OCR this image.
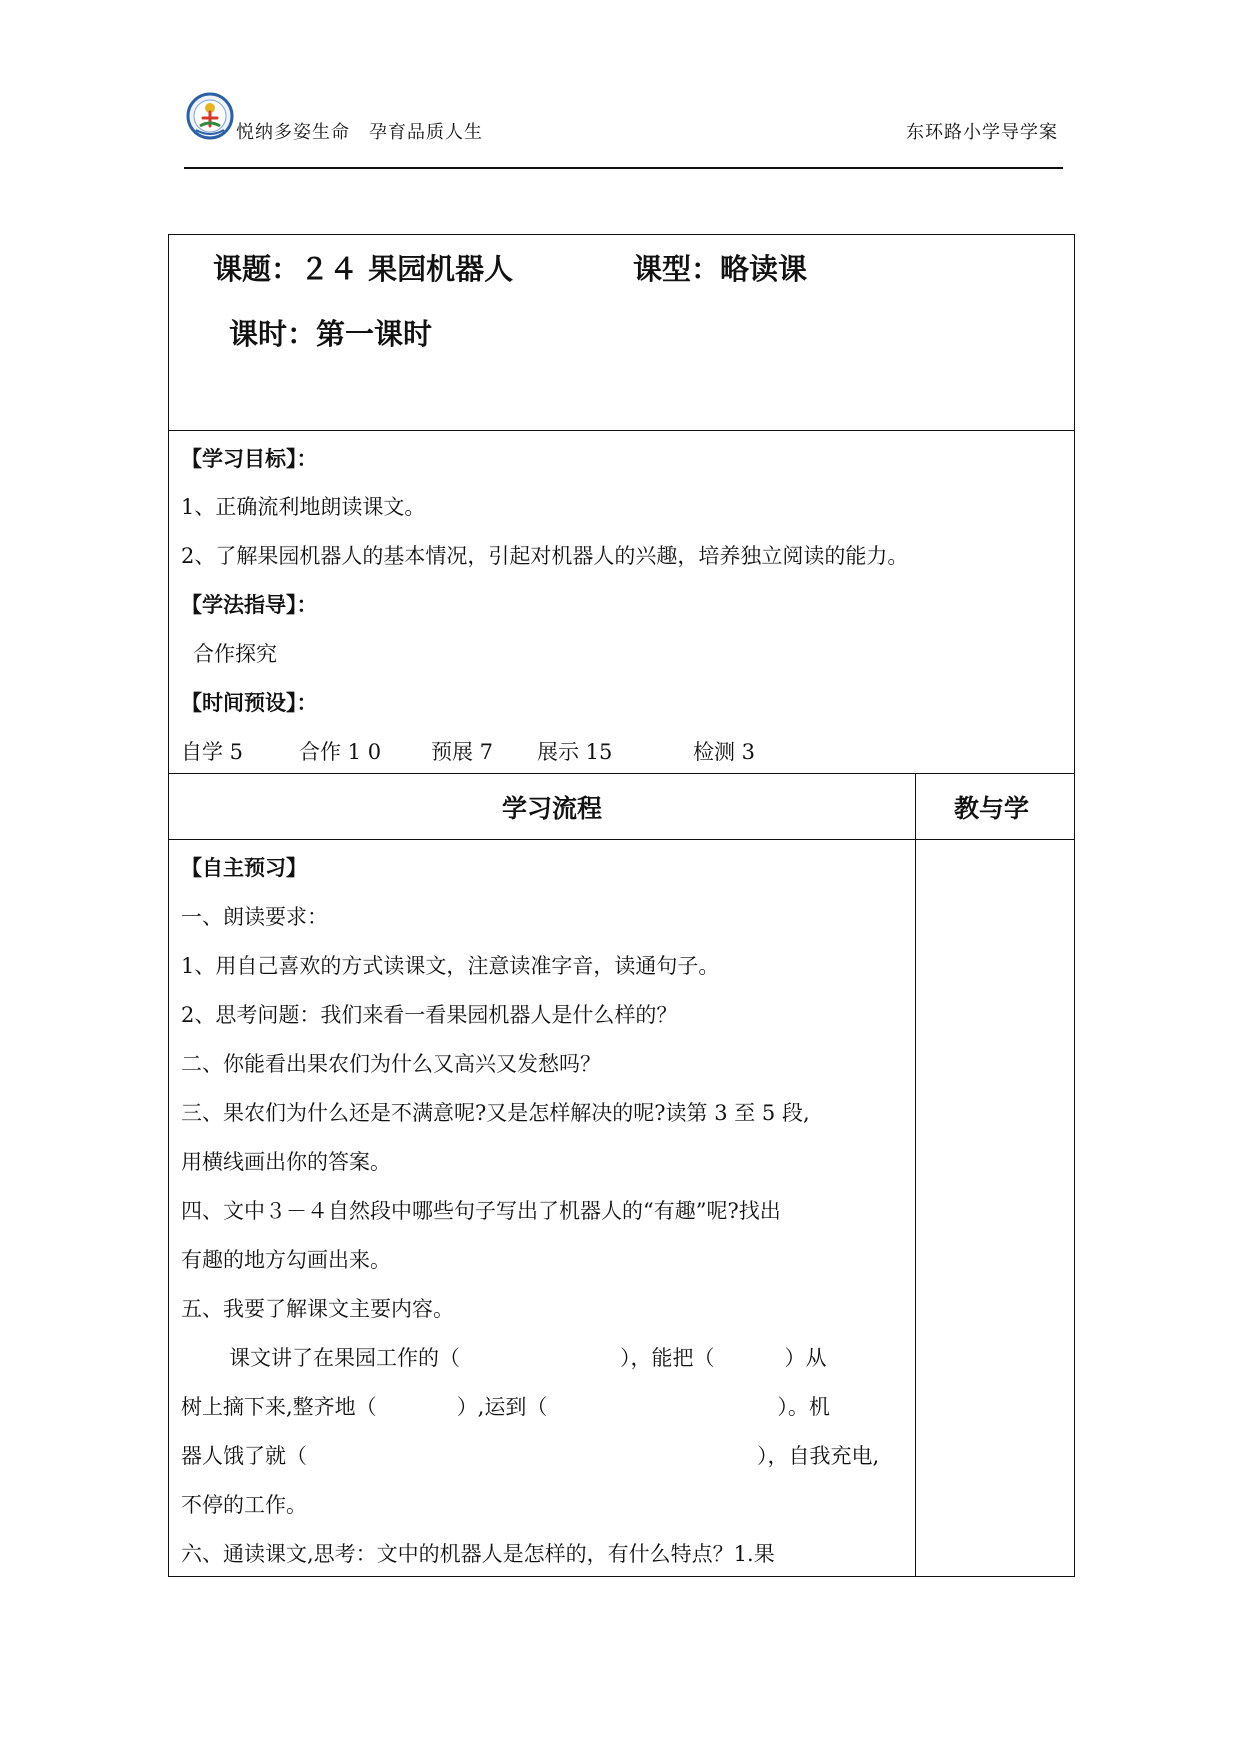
悦纳多姿生命　孕育品质人生	东环路小学导学案
课题：２４ 果园机器人	课型：略读课
课时：第一课时
【学习目标】：
1、正确流利地朗读课文。
2、了解果园机器人的基本情况，引起对机器人的兴趣，培养独立阅读的能力。
【学法指导】：
合作探究
【时间预设】：
自学 5	合作 1 0 预展 7 展示 15	检测 3
学习流程	教与学
【自主预习】
一、朗读要求：
1、用自己喜欢的方式读课文，注意读准字音，读通句子。
2、思考问题：我们来看一看果园机器人是什么样的？
二、你能看出果农们为什么又高兴又发愁吗？
三、果农们为什么还是不满意呢?又是怎样解决的呢?读第 3 至 5 段,
用横线画出你的答案。
四、文中３－４自然段中哪些句子写出了机器人的“有趣”呢?找出
有趣的地方勾画出来。
五、我要了解课文主要内容。
课文讲了在果园工作的（	），能把（	）从
树上摘下来,整齐地（	）,运到（	）。机
器人饿了就（	），自我充电,
不停的工作。
六、通读课文,思考：文中的机器人是怎样的，有什么特点？1.果
